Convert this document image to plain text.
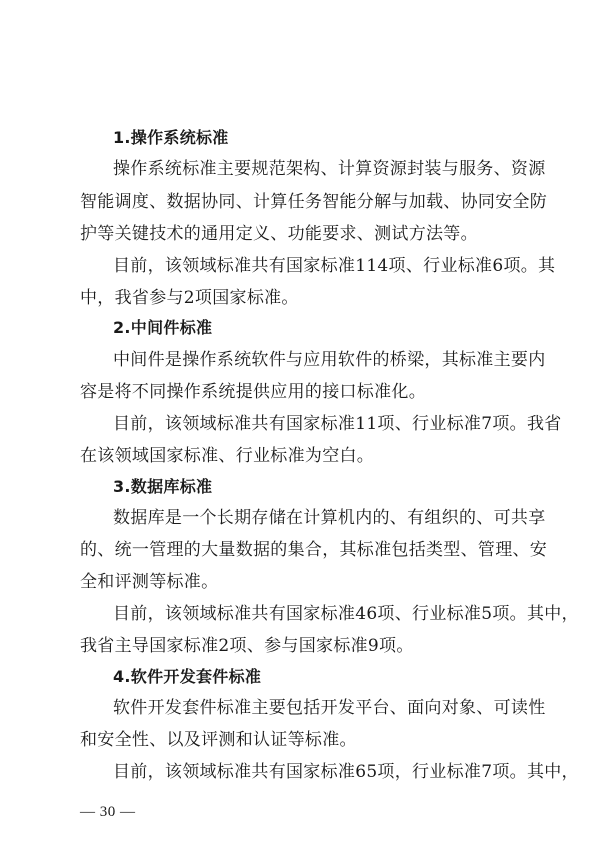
1.操作系统标准
操作系统标准主要规范架构、计算资源封装与服务、资源
智能调度、数据协同、计算任务智能分解与加载、协同安全防
护等关键技术的通用定义、功能要求、测试方法等。
目前，该领域标准共有国家标准114项、行业标准6项。其
中，我省参与2项国家标准。
2.中间件标准
中间件是操作系统软件与应用软件的桥梁，其标准主要内
容是将不同操作系统提供应用的接口标准化。
目前，该领域标准共有国家标准11项、行业标准7项。我省
在该领域国家标准、行业标准为空白。
3.数据库标准
数据库是一个长期存储在计算机内的、有组织的、可共享
的、统一管理的大量数据的集合，其标准包括类型、管理、安
全和评测等标准。
目前，该领域标准共有国家标准46项、行业标准5项。其中，
我省主导国家标准2项、参与国家标准9项。
4.软件开发套件标准
软件开发套件标准主要包括开发平台、面向对象、可读性
和安全性、以及评测和认证等标准。
目前，该领域标准共有国家标准65项，行业标准7项。其中，
— 30 —
